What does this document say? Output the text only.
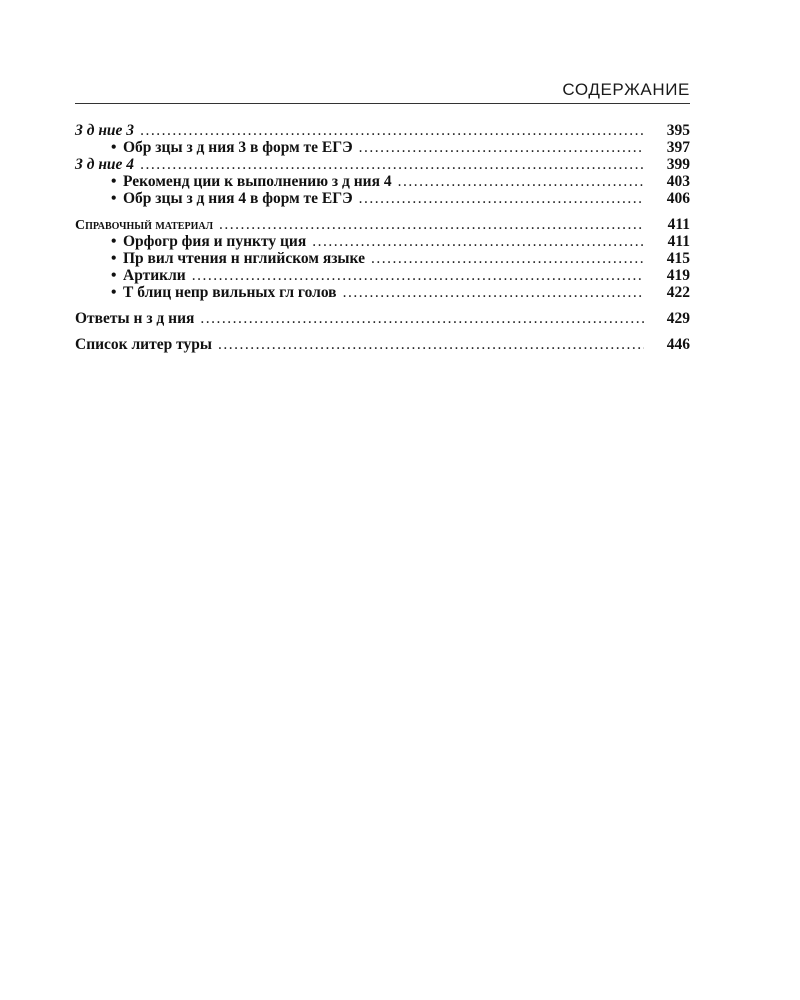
СОДЕРЖАНИЕ
З д ние 3 .....	395
• Обр зцы з д ния 3 в форм те ЕГЭ .....	397
З д ние 4 .....	399
• Рекоменд ции к выполнению з д ния 4 .....	403
• Обр зцы з д ния 4 в форм те ЕГЭ .....	406
Справочный материал .....	411
• Орфогр фия и пункту ция .....	411
• Пр вил чтения н нглийском языке .....	415
• Артикли .....	419
• Т блиц непр вильных гл голов .....	422
Ответы н з д ния .....	429
Список литер туры .....	446
